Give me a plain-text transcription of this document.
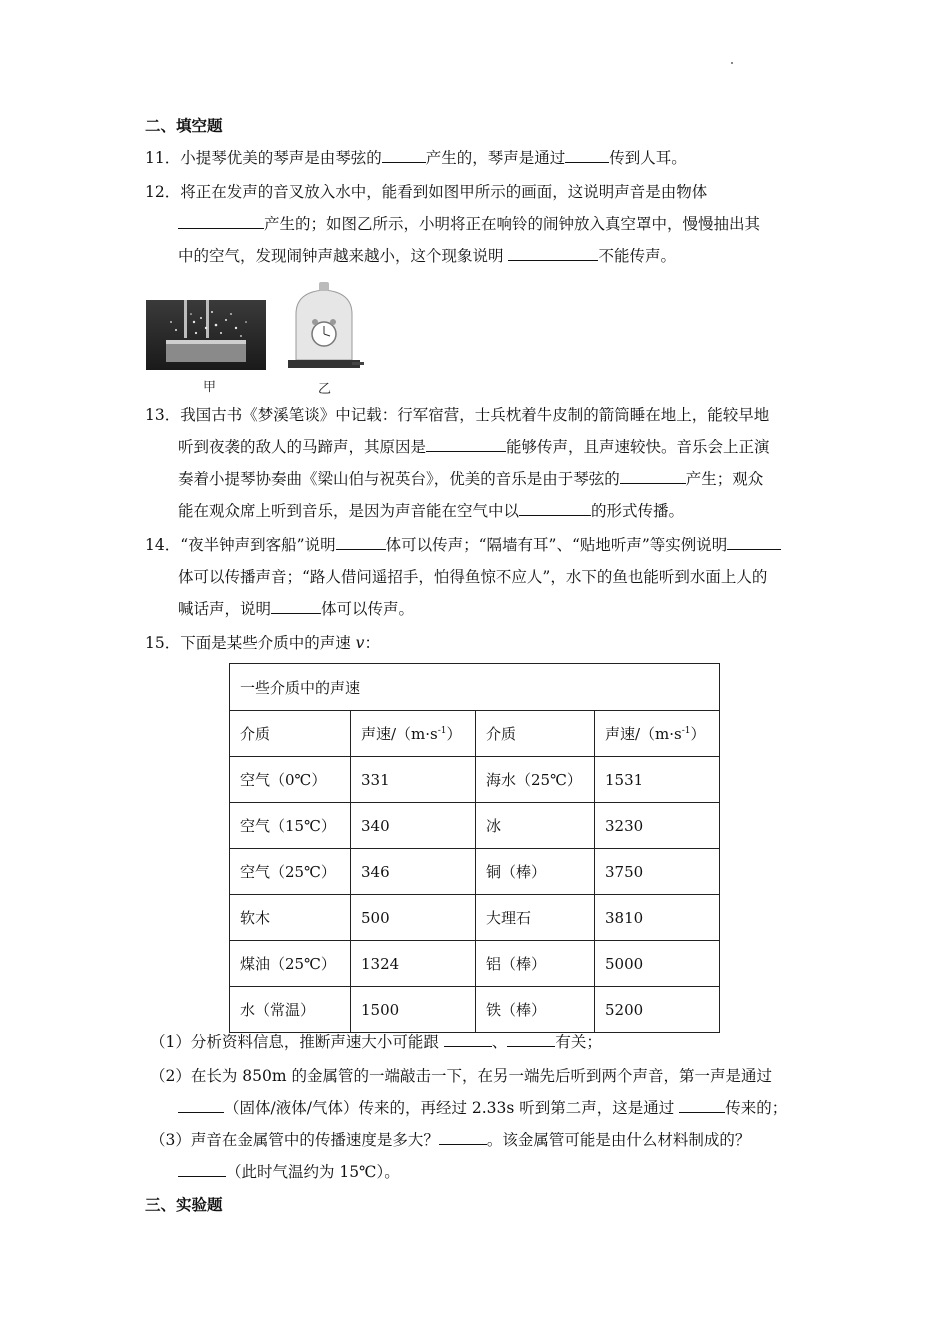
二、填空题
11．小提琴优美的琴声是由琴弦的	产生的，琴声是通过	传到人耳。
12．将正在发声的音叉放入水中，能看到如图甲所示的画面，这说明声音是由物体
产生的；如图乙所示，小明将正在响铃的闹钟放入真空罩中，慢慢抽出其
中的空气，发现闹钟声越来越小，这个现象说明	不能传声。
甲	乙
13．我国古书《梦溪笔谈》中记载：行军宿营，士兵枕着牛皮制的箭筒睡在地上，能较早地
听到夜袭的敌人的马蹄声，其原因是	能够传声，且声速较快。音乐会上正演
奏着小提琴协奏曲《梁山伯与祝英台》，优美的音乐是由于琴弦的	产生；观众
能在观众席上听到音乐，是因为声音能在空气中以	的形式传播。
14．“夜半钟声到客船”说明	体可以传声；“隔墙有耳”、“贴地听声”等实例说明
体可以传播声音；“路人借问遥招手，怕得鱼惊不应人”，水下的鱼也能听到水面上人的
喊话声，说明	体可以传声。
15．下面是某些介质中的声速 v：
一些介质中的声速			
介质	声速$/(m\cdot s^{-1})$	介质	声速$/(m\cdot s^{-1})$
空气（0℃）	331	海水（25℃）	1531
空气（15℃）	340	冰	3230
空气（25℃）	346	铜（棒）	3750
软木	500	大理石	3810
煤油（25℃）	1324	铝（棒）	5000
水（常温）	1500	铁（棒）	5200
（1）分析资料信息，推断声速大小可能跟	、	有关；
（2）在长为 850m 的金属管的一端敲击一下，在另一端先后听到两个声音，第一声是通过
（固体/液体/气体）传来的，再经过 2.33s 听到第二声，这是通过	传来的；
（3）声音在金属管中的传播速度是多大？	。该金属管可能是由什么材料制成的？
（此时气温约为 15℃）。
三、实验题
